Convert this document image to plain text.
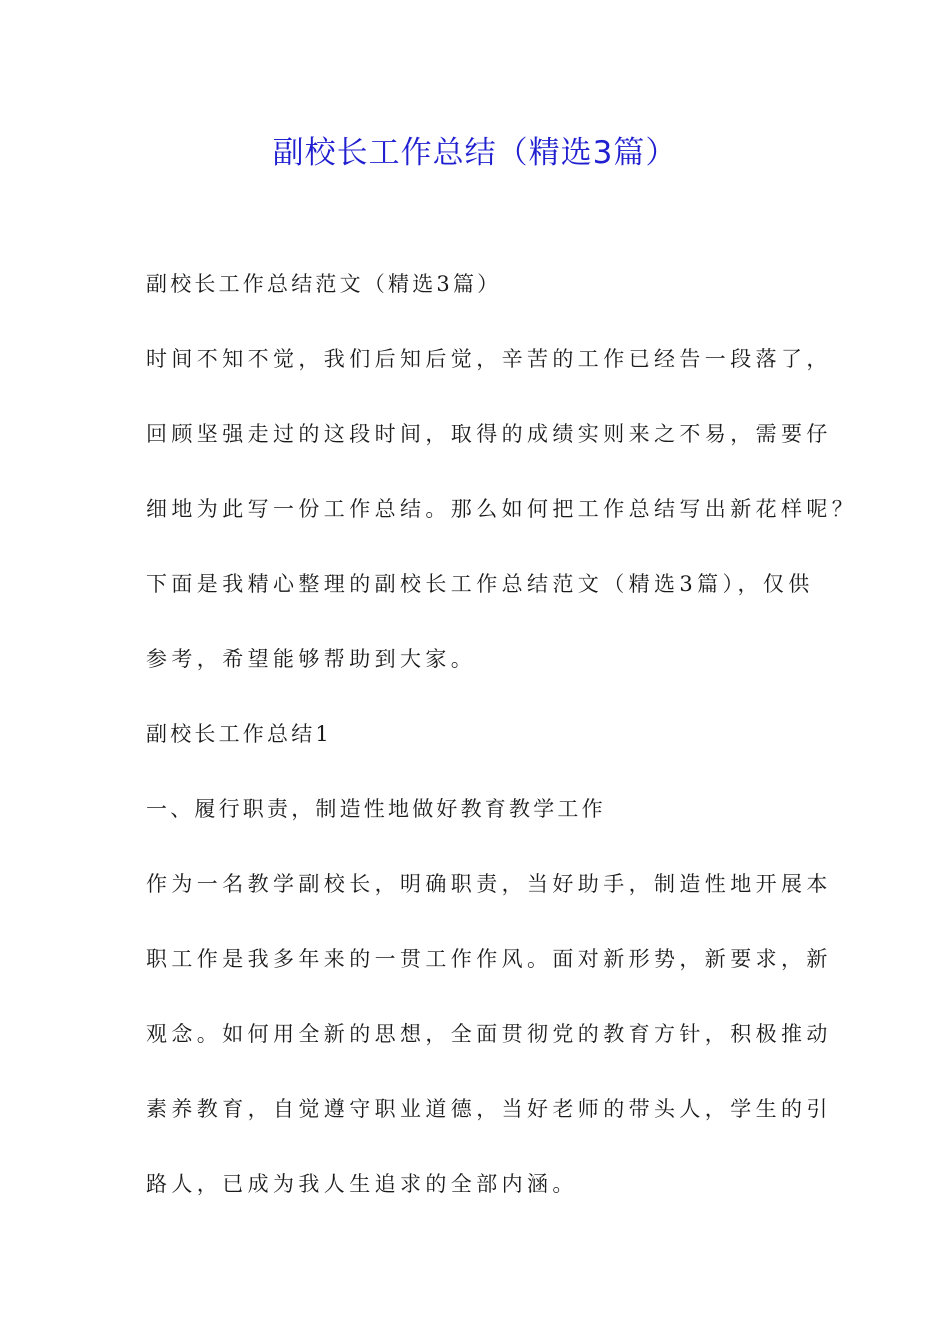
副校长工作总结（精选3篇）

副校长工作总结范文（精选3篇）

时间不知不觉，我们后知后觉，辛苦的工作已经告一段落了，

回顾坚强走过的这段时间，取得的成绩实则来之不易，需要仔

细地为此写一份工作总结。那么如何把工作总结写出新花样呢？

下面是我精心整理的副校长工作总结范文（精选3篇），仅供

参考，希望能够帮助到大家。

副校长工作总结1

一、履行职责，制造性地做好教育教学工作

作为一名教学副校长，明确职责，当好助手，制造性地开展本

职工作是我多年来的一贯工作作风。面对新形势，新要求，新

观念。如何用全新的思想，全面贯彻党的教育方针，积极推动

素养教育，自觉遵守职业道德，当好老师的带头人，学生的引

路人，已成为我人生追求的全部内涵。
